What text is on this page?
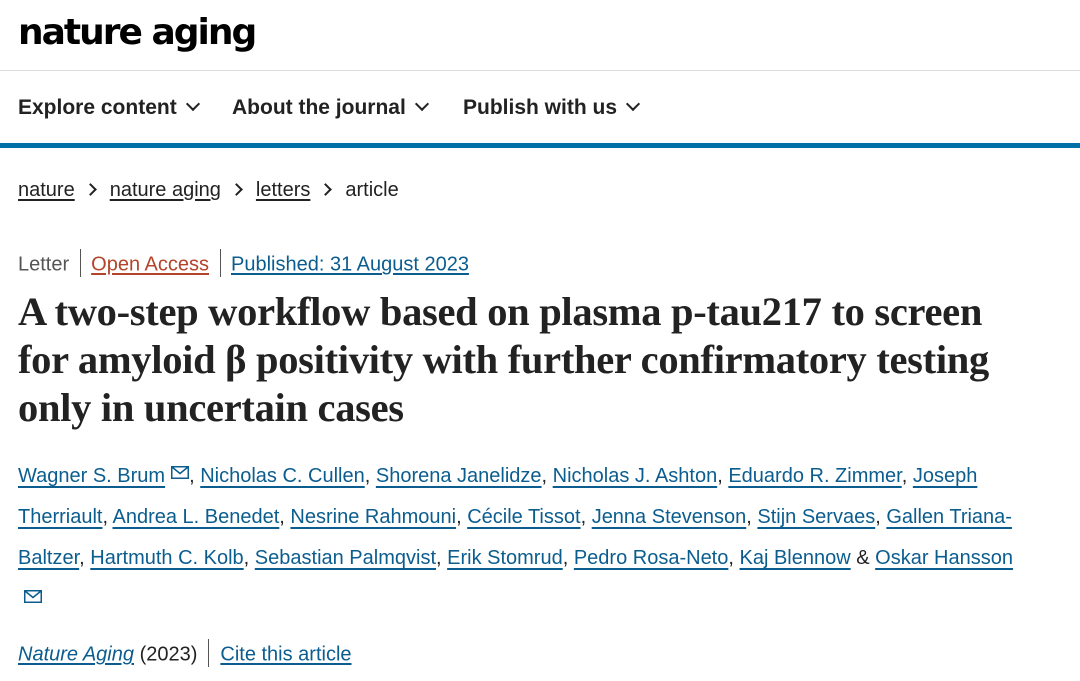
nature aging
Explore content	About the journal	Publish with us
nature nature aging letters article
Letter Open Access Published: 31 August 2023
A two-step workflow based on plasma p-tau217 to screen for amyloid β positivity with further confirmatory testing only in uncertain cases
Wagner S. Brum , Nicholas C. Cullen, Shorena Janelidze, Nicholas J. Ashton, Eduardo R. Zimmer, Joseph Therriault, Andrea L. Benedet, Nesrine Rahmouni, Cécile Tissot, Jenna Stevenson, Stijn Servaes, Gallen Triana-Baltzer, Hartmuth C. Kolb, Sebastian Palmqvist, Erik Stomrud, Pedro Rosa-Neto, Kaj Blennow & Oskar Hansson
Nature Aging (2023) Cite this article
